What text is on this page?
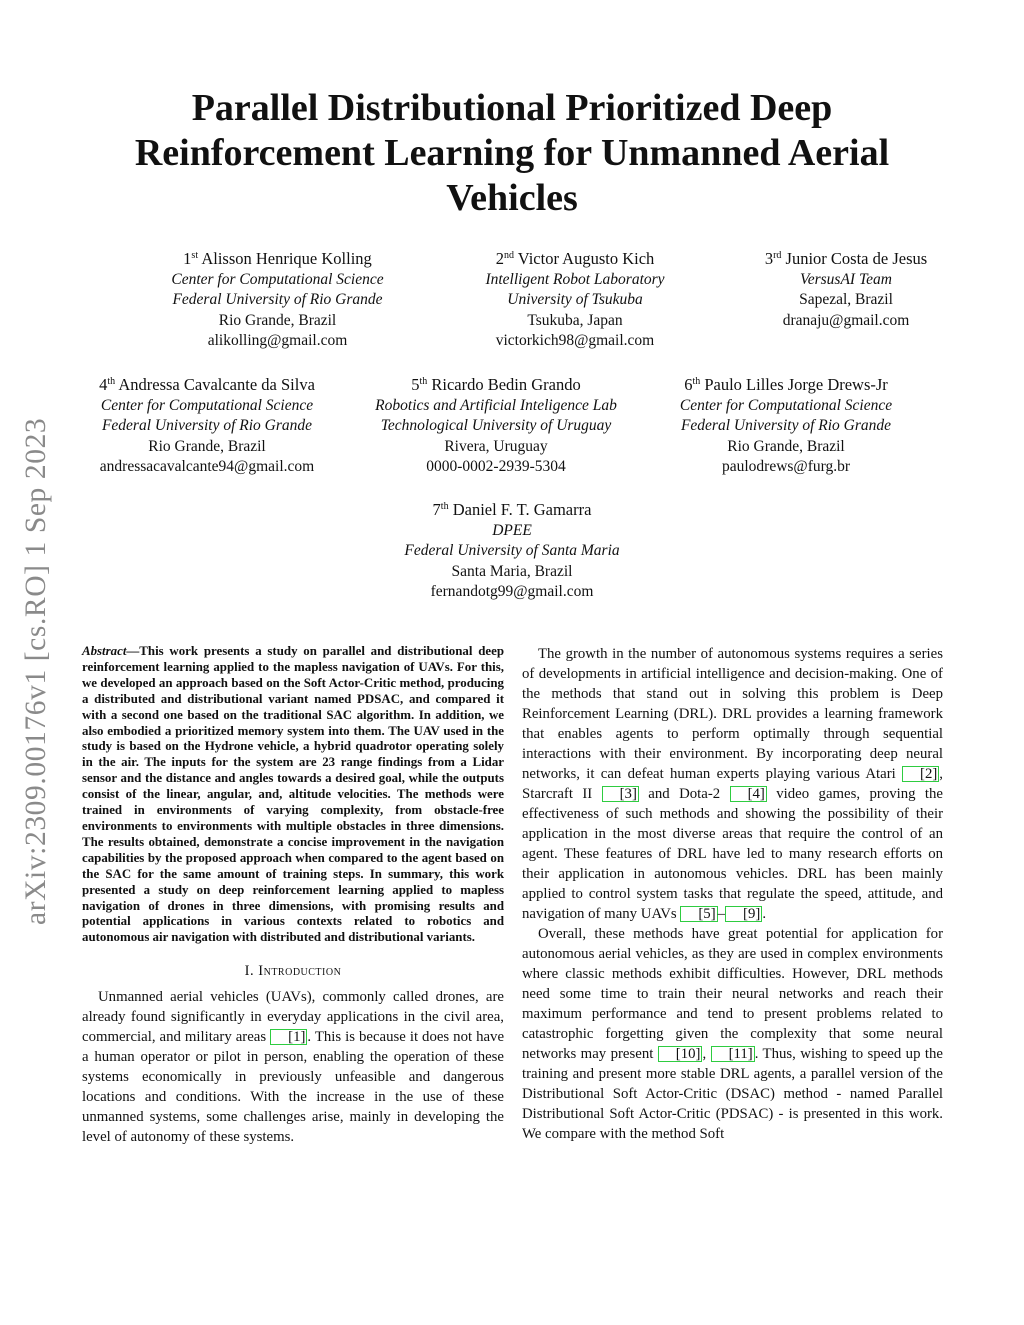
arXiv:2309.00176v1 [cs.RO] 1 Sep 2023
Parallel Distributional Prioritized Deep
Reinforcement Learning for Unmanned Aerial
Vehicles
1st Alisson Henrique Kolling
Center for Computational Science
Federal University of Rio Grande
Rio Grande, Brazil
alikolling@gmail.com
2nd Victor Augusto Kich
Intelligent Robot Laboratory
University of Tsukuba
Tsukuba, Japan
victorkich98@gmail.com
3rd Junior Costa de Jesus
VersusAI Team
Sapezal, Brazil
dranaju@gmail.com
4th Andressa Cavalcante da Silva
Center for Computational Science
Federal University of Rio Grande
Rio Grande, Brazil
andressacavalcante94@gmail.com
5th Ricardo Bedin Grando
Robotics and Artificial Inteligence Lab
Technological University of Uruguay
Rivera, Uruguay
0000-0002-2939-5304
6th Paulo Lilles Jorge Drews-Jr
Center for Computational Science
Federal University of Rio Grande
Rio Grande, Brazil
paulodrews@furg.br
7th Daniel F. T. Gamarra
DPEE
Federal University of Santa Maria
Santa Maria, Brazil
fernandotg99@gmail.com

Abstract—This work presents a study on parallel and distributional deep reinforcement learning applied to the mapless navigation of UAVs. For this, we developed an approach based on the Soft Actor-Critic method, producing a distributed and distributional variant named PDSAC, and compared it with a second one based on the traditional SAC algorithm. In addition, we also embodied a prioritized memory system into them. The UAV used in the study is based on the Hydrone vehicle, a hybrid quadrotor operating solely in the air. The inputs for the system are 23 range findings from a Lidar sensor and the distance and angles towards a desired goal, while the outputs consist of the linear, angular, and, altitude velocities. The methods were trained in environments of varying complexity, from obstacle-free environments to environments with multiple obstacles in three dimensions. The results obtained, demonstrate a concise improvement in the navigation capabilities by the proposed approach when compared to the agent based on the SAC for the same amount of training steps. In summary, this work presented a study on deep reinforcement learning applied to mapless navigation of drones in three dimensions, with promising results and potential applications in various contexts related to robotics and autonomous air navigation with distributed and distributional variants.

I. Introduction

Unmanned aerial vehicles (UAVs), commonly called drones, are already found significantly in everyday applications in the civil area, commercial, and military areas [1] . This is because it does not have a human operator or pilot in person, enabling the operation of these systems economically in previously unfeasible and dangerous locations and conditions. With the increase in the use of these unmanned systems, some challenges arise, mainly in developing the level of autonomy of these systems.

The growth in the number of autonomous systems requires a series of developments in artificial intelligence and decision-making. One of the methods that stand out in solving this problem is Deep Reinforcement Learning (DRL). DRL provides a learning framework that enables agents to perform optimally through sequential interactions with their environment. By incorporating deep neural networks, it can defeat human experts playing various Atari [2] , Starcraft II [3] and Dota-2 [4] video games, proving the effectiveness of such methods and showing the possibility of their application in the most diverse areas that require the control of an agent. These features of DRL have led to many research efforts on their application in autonomous vehicles. DRL has been mainly applied to control system tasks that regulate the speed, attitude, and navigation of many UAVs [5] – [9] .

Overall, these methods have great potential for application for autonomous aerial vehicles, as they are used in complex environments where classic methods exhibit difficulties. However, DRL methods need some time to train their neural networks and reach their maximum performance and tend to present problems related to catastrophic forgetting given the complexity that some neural networks may present [10] , [11] . Thus, wishing to speed up the training and present more stable DRL agents, a parallel version of the Distributional Soft Actor-Critic (DSAC) method - named Parallel Distributional Soft Actor-Critic (PDSAC) - is presented in this work. We compare with the method Soft
